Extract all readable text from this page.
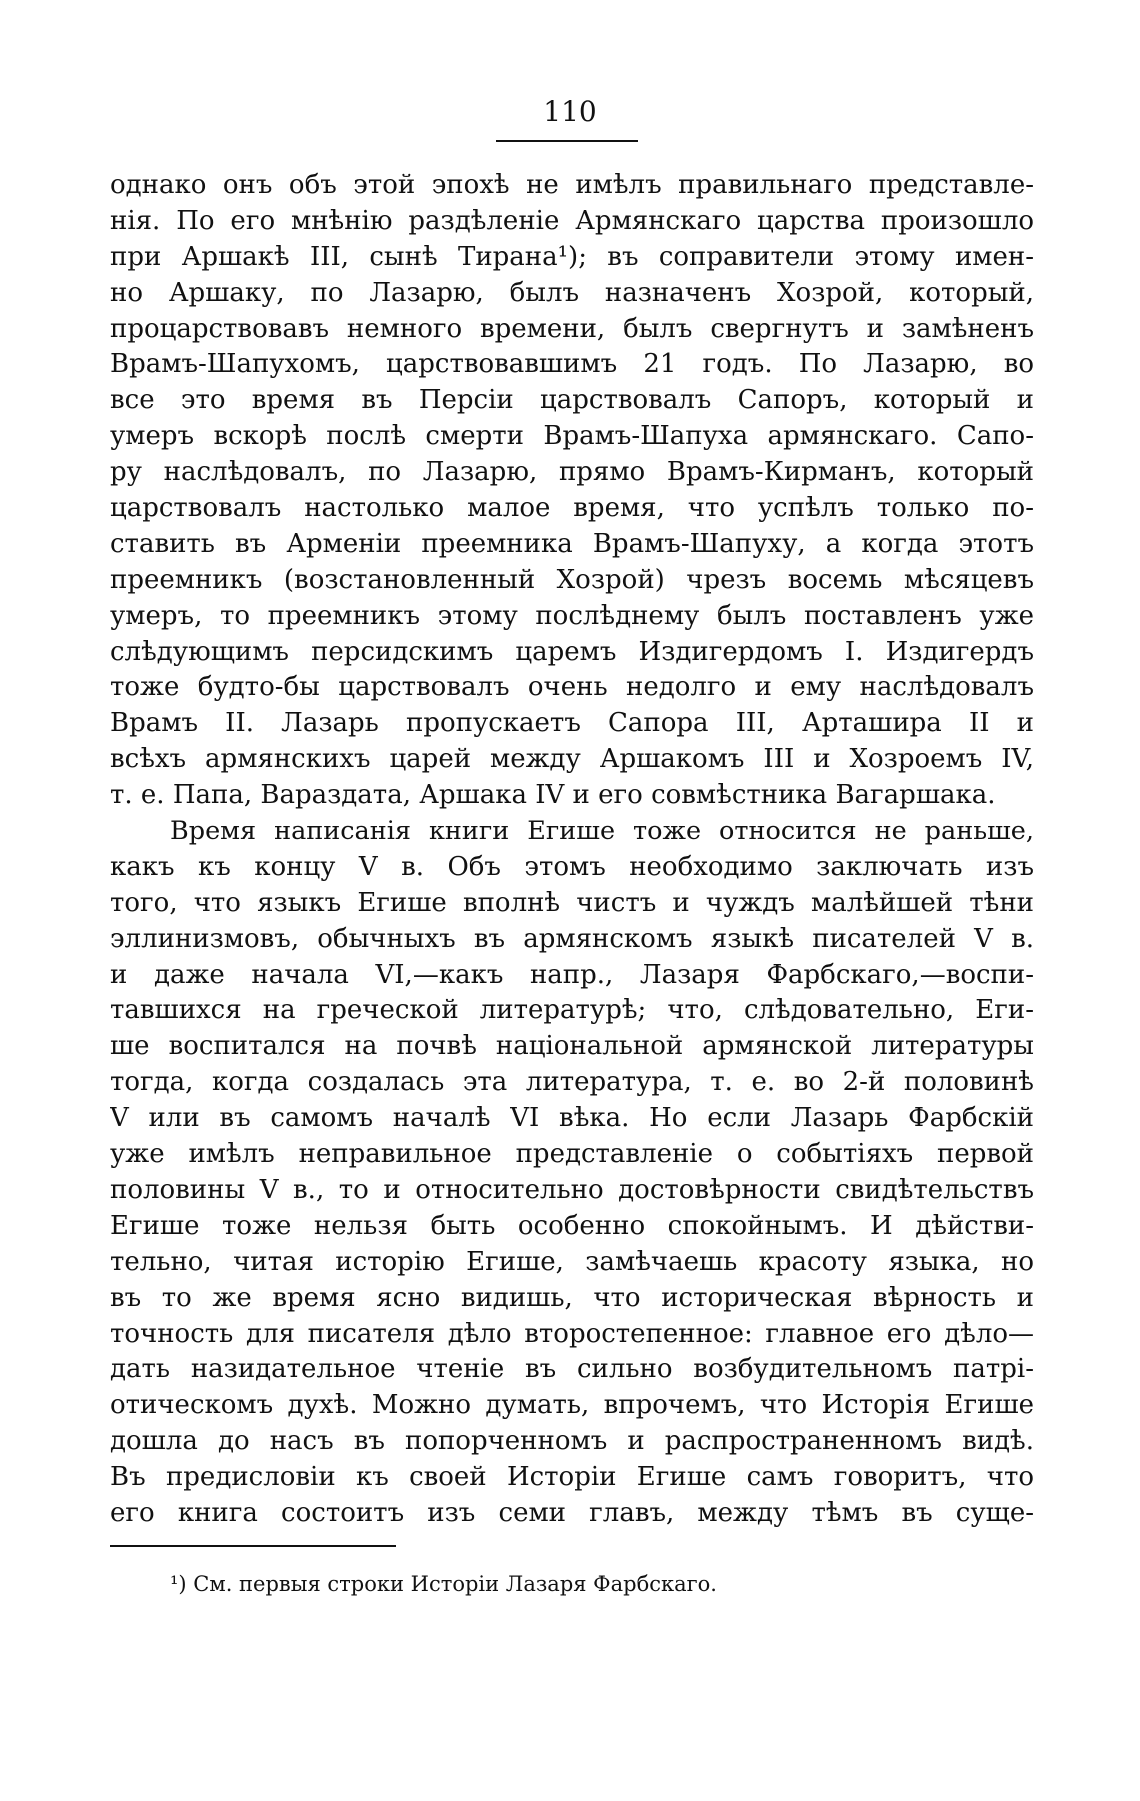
110
однако онъ объ этой эпохѣ не имѣлъ правильнаго представле-
нія. По его мнѣнію раздѣленіе Армянскаго царства произошло
при Аршакѣ III, сынѣ Тирана¹); въ соправители этому имен-
но Аршаку, по Лазарю, былъ назначенъ Хозрой, который,
процарствовавъ немного времени, былъ свергнутъ и замѣненъ
Врамъ-Шапухомъ, царствовавшимъ 21 годъ. По Лазарю, во
все это время въ Персіи царствовалъ Сапоръ, который и
умеръ вскорѣ послѣ смерти Врамъ-Шапуха армянскаго. Сапо-
ру наслѣдовалъ, по Лазарю, прямо Врамъ-Кирманъ, который
царствовалъ настолько малое время, что успѣлъ только по-
ставить въ Арменіи преемника Врамъ-Шапуху, а когда этотъ
преемникъ (возстановленный Хозрой) чрезъ восемь мѣсяцевъ
умеръ, то преемникъ этому послѣднему былъ поставленъ уже
слѣдующимъ персидскимъ царемъ Издигердомъ I. Издигердъ
тоже будто-бы царствовалъ очень недолго и ему наслѣдовалъ
Врамъ II. Лазарь пропускаетъ Сапора III, Арташира II и
всѣхъ армянскихъ царей между Аршакомъ III и Хозроемъ IV,
т. е. Папа, Вараздата, Аршака IV и его совмѣстника Вагаршака.
Время написанія книги Егише тоже относится не раньше,
какъ къ концу V в. Объ этомъ необходимо заключать изъ
того, что языкъ Егише вполнѣ чистъ и чуждъ малѣйшей тѣни
эллинизмовъ, обычныхъ въ армянскомъ языкѣ писателей V в.
и даже начала VI,—какъ напр., Лазаря Фарбскаго,—воспи-
тавшихся на греческой литературѣ; что, слѣдовательно, Еги-
ше воспитался на почвѣ національной армянской литературы
тогда, когда создалась эта литература, т. е. во 2-й половинѣ
V или въ самомъ началѣ VI вѣка. Но если Лазарь Фарбскій
уже имѣлъ неправильное представленіе о событіяхъ первой
половины V в., то и относительно достовѣрности свидѣтельствъ
Егише тоже нельзя быть особенно спокойнымъ. И дѣйстви-
тельно, читая исторію Егише, замѣчаешь красоту языка, но
въ то же время ясно видишь, что историческая вѣрность и
точность для писателя дѣло второстепенное: главное его дѣло—
дать назидательное чтеніе въ сильно возбудительномъ патрі-
отическомъ духѣ. Можно думать, впрочемъ, что Исторія Егише
дошла до насъ въ попорченномъ и распространенномъ видѣ.
Въ предисловіи къ своей Исторіи Егише самъ говоритъ, что
его книга состоитъ изъ семи главъ, между тѣмъ въ суще-
¹) См. первыя строки Исторіи Лазаря Фарбскаго.
